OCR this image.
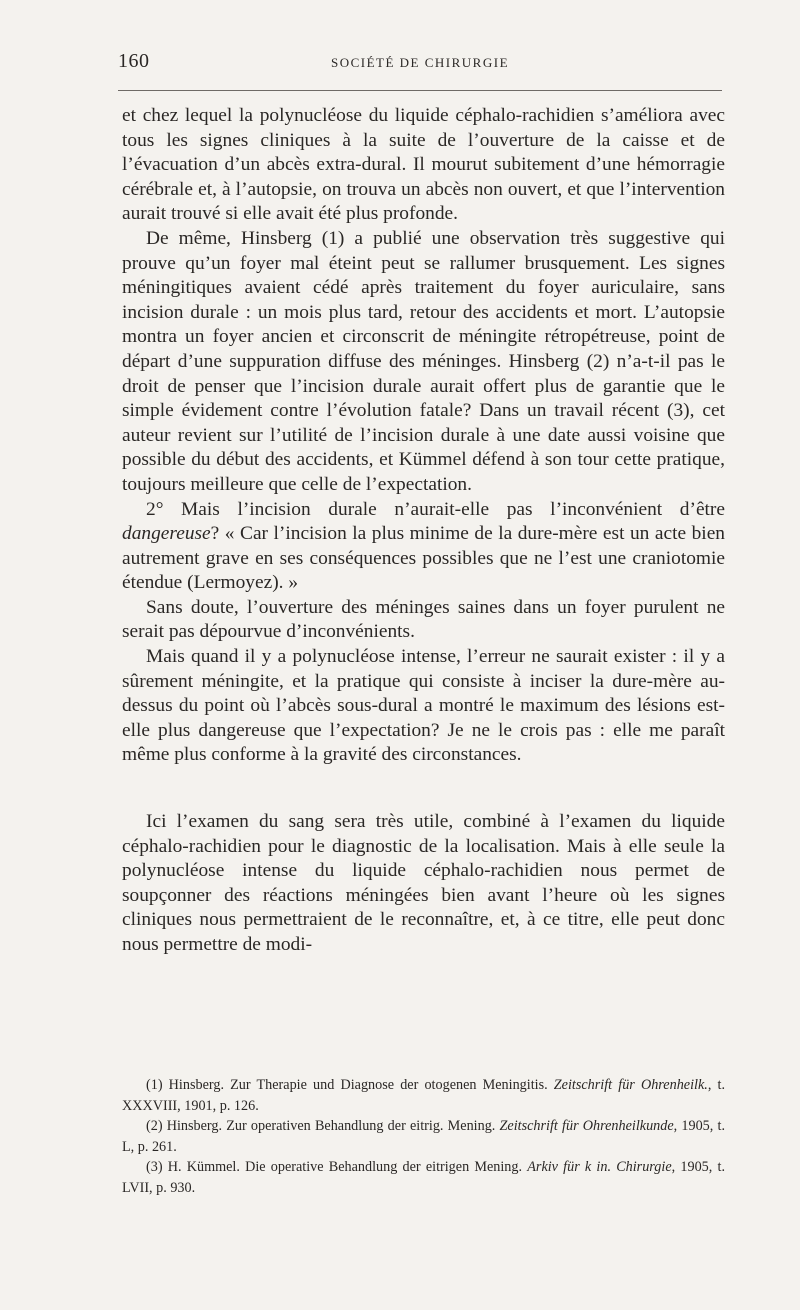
160	SOCIÉTÉ DE CHIRURGIE

et chez lequel la polynucléose du liquide céphalo-rachidien s’améliora avec tous les signes cliniques à la suite de l’ouverture de la caisse et de l’évacuation d’un abcès extra-dural. Il mourut subitement d’une hémorragie cérébrale et, à l’autopsie, on trouva un abcès non ouvert, et que l’intervention aurait trouvé si elle avait été plus profonde.

De même, Hinsberg (1) a publié une observation très suggestive qui prouve qu’un foyer mal éteint peut se rallumer brusquement. Les signes méningitiques avaient cédé après traitement du foyer auriculaire, sans incision durale : un mois plus tard, retour des accidents et mort. L’autopsie montra un foyer ancien et circonscrit de méningite rétropétreuse, point de départ d’une suppuration diffuse des méninges. Hinsberg (2) n’a-t-il pas le droit de penser que l’incision durale aurait offert plus de garantie que le simple évidement contre l’évolution fatale? Dans un travail récent (3), cet auteur revient sur l’utilité de l’incision durale à une date aussi voisine que possible du début des accidents, et Kümmel défend à son tour cette pratique, toujours meilleure que celle de l’expectation.

2° Mais l’incision durale n’aurait-elle pas l’inconvénient d’être dangereuse? « Car l’incision la plus minime de la dure-mère est un acte bien autrement grave en ses conséquences possibles que ne l’est une craniotomie étendue (Lermoyez). »

Sans doute, l’ouverture des méninges saines dans un foyer purulent ne serait pas dépourvue d’inconvénients.

Mais quand il y a polynucléose intense, l’erreur ne saurait exister : il y a sûrement méningite, et la pratique qui consiste à inciser la dure-mère au-dessus du point où l’abcès sous-dural a montré le maximum des lésions est-elle plus dangereuse que l’expectation? Je ne le crois pas : elle me paraît même plus conforme à la gravité des circonstances.

Ici l’examen du sang sera très utile, combiné à l’examen du liquide céphalo-rachidien pour le diagnostic de la localisation. Mais à elle seule la polynucléose intense du liquide céphalo-rachidien nous permet de soupçonner des réactions méningées bien avant l’heure où les signes cliniques nous permettraient de le reconnaître, et, à ce titre, elle peut donc nous permettre de modi-

(1) Hinsberg. Zur Therapie und Diagnose der otogenen Meningitis. Zeitschrift für Ohrenheilk., t. XXXVIII, 1901, p. 126.

(2) Hinsberg. Zur operativen Behandlung der eitrig. Mening. Zeitschrift für Ohrenheilkunde, 1905, t. L, p. 261.

(3) H. Kümmel. Die operative Behandlung der eitrigen Mening. Arkiv für k in. Chirurgie, 1905, t. LVII, p. 930.
